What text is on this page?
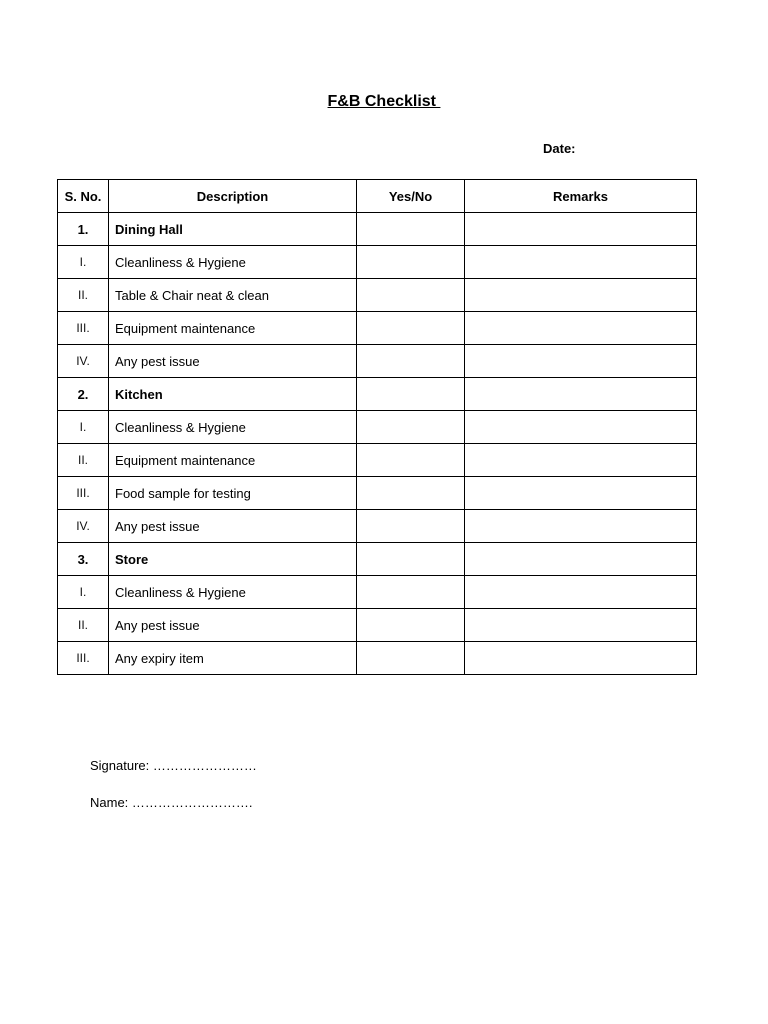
F&B Checklist
Date:
S. No.	Description	Yes/No	Remarks
1.	Dining Hall		
I.	Cleanliness & Hygiene		
II.	Table & Chair neat & clean		
III.	Equipment maintenance		
IV.	Any pest issue		
2.	Kitchen		
I.	Cleanliness & Hygiene		
II.	Equipment maintenance		
III.	Food sample for testing		
IV.	Any pest issue		
3.	Store		
I.	Cleanliness & Hygiene		
II.	Any pest issue		
III.	Any expiry item		
Signature: ……………………
Name: ……………………….
